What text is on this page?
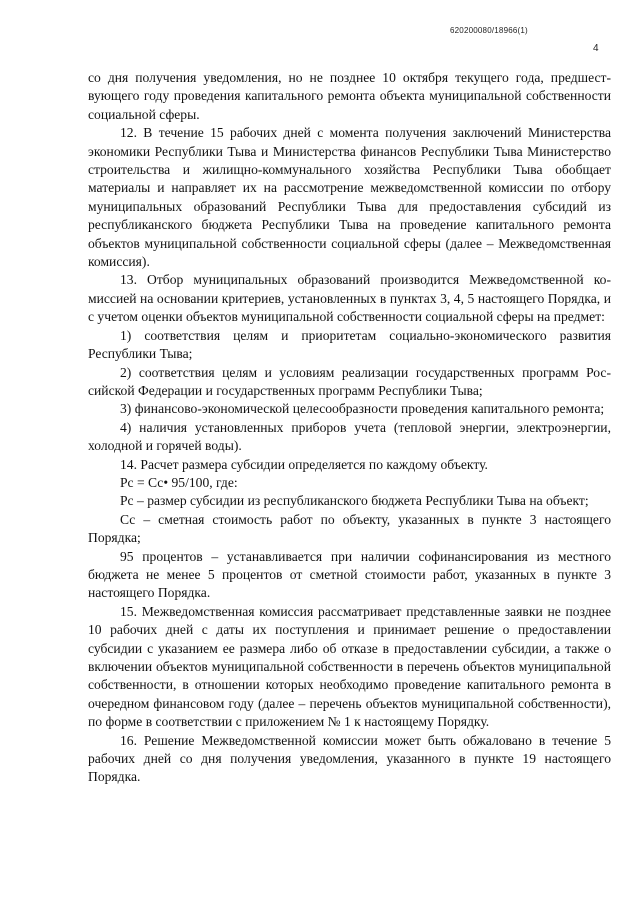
620200080/18966(1)
4

со дня получения уведомления, но не позднее 10 октября текущего года, предшествующего году проведения капитального ремонта объекта муниципальной собственности социальной сферы.

12. В течение 15 рабочих дней с момента получения заключений Министерства экономики Республики Тыва и Министерства финансов Республики Тыва Министерство строительства и жилищно-коммунального хозяйства Республики Тыва обобщает материалы и направляет их на рассмотрение межведомственной комиссии по отбору муниципальных образований Республики Тыва для предоставления субсидий из республиканского бюджета Республики Тыва на проведение капитального ремонта объектов муниципальной собственности социальной сферы (далее – Межведомственная комиссия).

13. Отбор муниципальных образований производится Межведомственной комиссией на основании критериев, установленных в пунктах 3, 4, 5 настоящего Порядка, и с учетом оценки объектов муниципальной собственности социальной сферы на предмет:

1) соответствия целям и приоритетам социально-экономического развития Республики Тыва;

2) соответствия целям и условиям реализации государственных программ Российской Федерации и государственных программ Республики Тыва;

3) финансово-экономической целесообразности проведения капитального ремонта;

4) наличия установленных приборов учета (тепловой энергии, электроэнергии, холодной и горячей воды).

14. Расчет размера субсидии определяется по каждому объекту.

Рс = Сс• 95/100, где:

Рс – размер субсидии из республиканского бюджета Республики Тыва на объект;

Сс – сметная стоимость работ по объекту, указанных в пункте 3 настоящего Порядка;

95 процентов – устанавливается при наличии софинансирования из местного бюджета не менее 5 процентов от сметной стоимости работ, указанных в пункте 3 настоящего Порядка.

15. Межведомственная комиссия рассматривает представленные заявки не позднее 10 рабочих дней с даты их поступления и принимает решение о предоставлении субсидии с указанием ее размера либо об отказе в предоставлении субсидии, а также о включении объектов муниципальной собственности в перечень объектов муниципальной собственности, в отношении которых необходимо проведение капитального ремонта в очередном финансовом году (далее – перечень объектов муниципальной собственности), по форме в соответствии с приложением № 1 к настоящему Порядку.

16. Решение Межведомственной комиссии может быть обжаловано в течение 5 рабочих дней со дня получения уведомления, указанного в пункте 19 настоящего Порядка.
